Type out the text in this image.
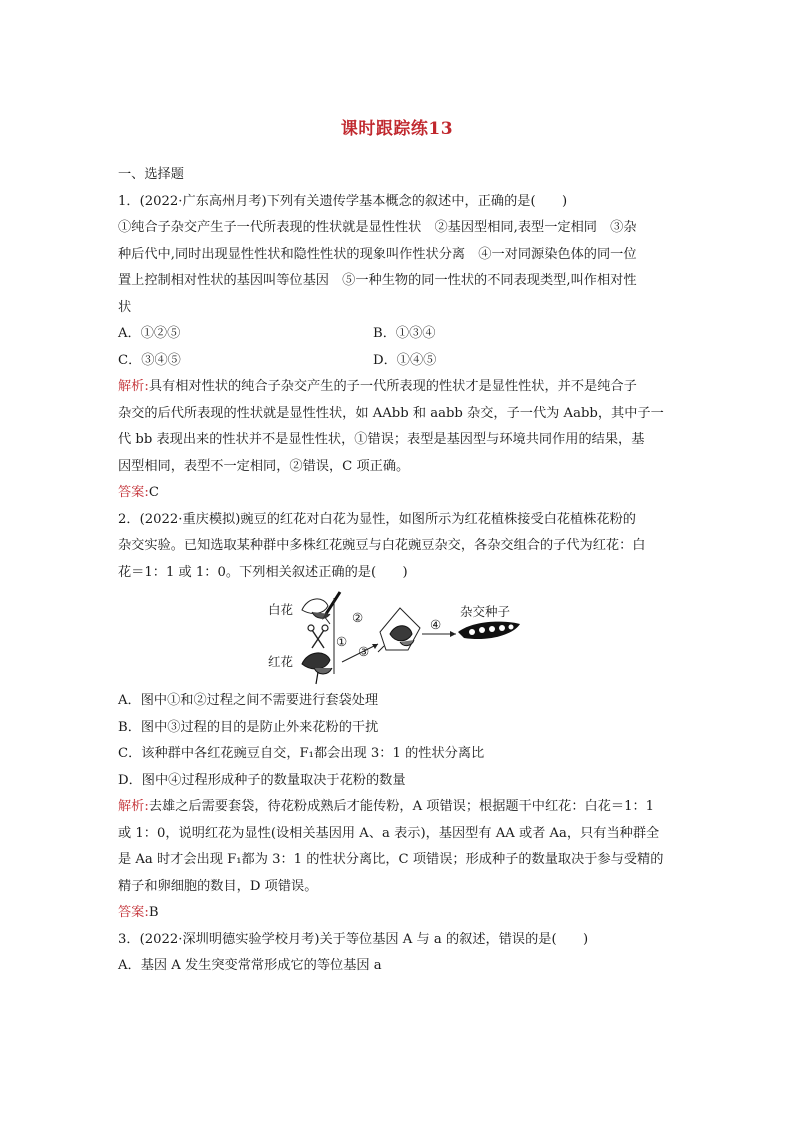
课时跟踪练13

一、选择题

1．(2022·广东高州月考)下列有关遗传学基本概念的叙述中，正确的是(　　)

①纯合子杂交产生子一代所表现的性状就是显性性状　②基因型相同,表型一定相同　③杂

种后代中,同时出现显性性状和隐性性状的现象叫作性状分离　④一对同源染色体的同一位

置上控制相对性状的基因叫等位基因　⑤一种生物的同一性状的不同表现类型,叫作相对性

状

A．①②⑤	B．①③④
C．③④⑤	D．①④⑤

解析:具有相对性状的纯合子杂交产生的子一代所表现的性状才是显性性状，并不是纯合子

杂交的后代所表现的性状就是显性性状，如 AAbb 和 aabb 杂交，子一代为 Aabb，其中子一

代 bb 表现出来的性状并不是显性性状，①错误；表型是基因型与环境共同作用的结果，基

因型相同，表型不一定相同，②错误，C 项正确。

答案:C

2．(2022·重庆模拟)豌豆的红花对白花为显性，如图所示为红花植株接受白花植株花粉的

杂交实验。已知选取某种群中多株红花豌豆与白花豌豆杂交，各杂交组合的子代为红花：白

花＝1：1 或 1：0。下列相关叙述正确的是(　　)

白花
红花
①
②
③
④
杂交种子

A．图中①和②过程之间不需要进行套袋处理

B．图中③过程的目的是防止外来花粉的干扰

C．该种群中各红花豌豆自交，F₁都会出现 3：1 的性状分离比

D．图中④过程形成种子的数量取决于花粉的数量

解析:去雄之后需要套袋，待花粉成熟后才能传粉，A 项错误；根据题干中红花：白花＝1：1

或 1：0，说明红花为显性(设相关基因用 A、a 表示)，基因型有 AA 或者 Aa，只有当种群全

是 Aa 时才会出现 F₁都为 3：1 的性状分离比，C 项错误；形成种子的数量取决于参与受精的

精子和卵细胞的数目，D 项错误。

答案:B

3．(2022·深圳明德实验学校月考)关于等位基因 A 与 a 的叙述，错误的是(　　)

A．基因 A 发生突变常常形成它的等位基因 a
